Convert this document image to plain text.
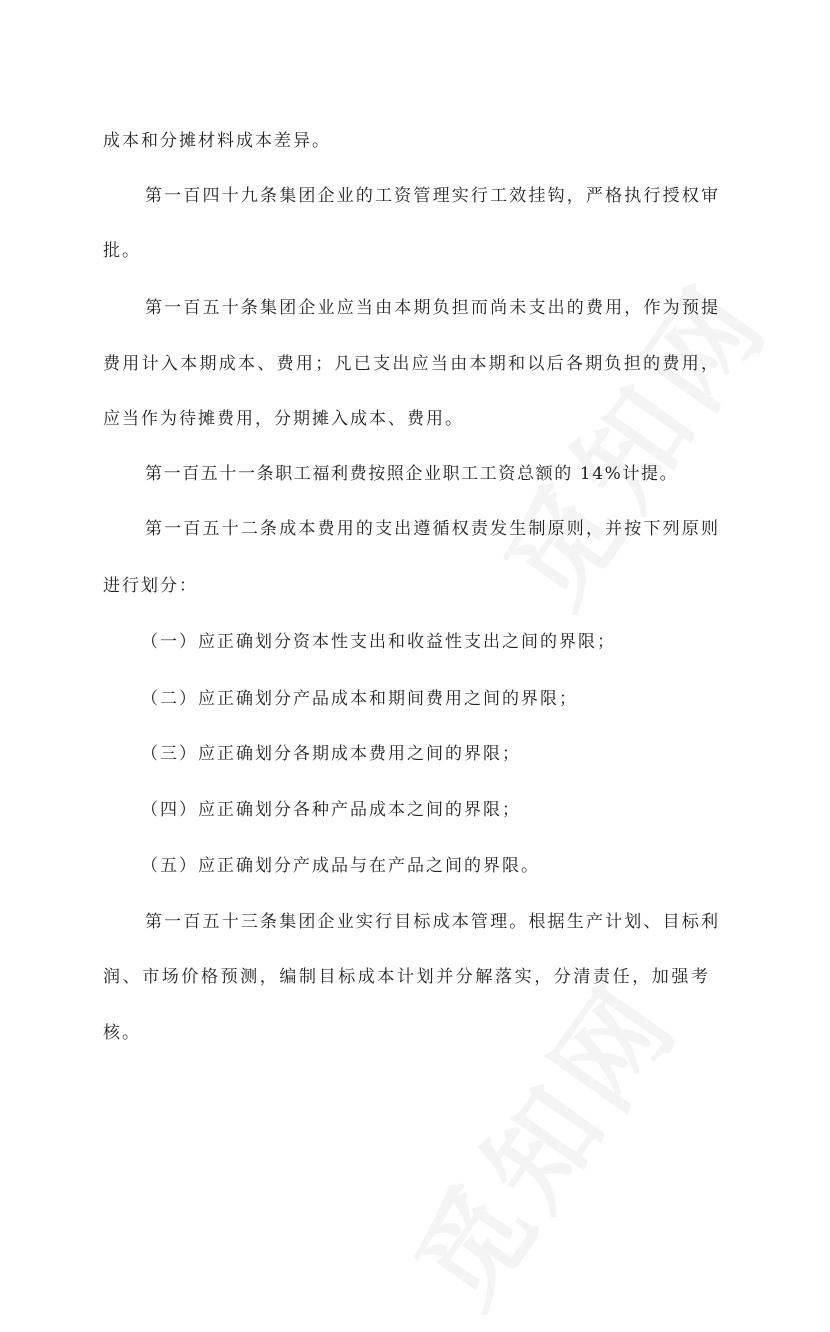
成本和分摊材料成本差异。
第一百四十九条集团企业的工资管理实行工效挂钩，严格执行授权审
批。
第一百五十条集团企业应当由本期负担而尚未支出的费用，作为预提
费用计入本期成本、费用；凡已支出应当由本期和以后各期负担的费用，
应当作为待摊费用，分期摊入成本、费用。
第一百五十一条职工福利费按照企业职工工资总额的 14%计提。
第一百五十二条成本费用的支出遵循权责发生制原则，并按下列原则
进行划分：
（一）应正确划分资本性支出和收益性支出之间的界限；
（二）应正确划分产品成本和期间费用之间的界限；
（三）应正确划分各期成本费用之间的界限；
（四）应正确划分各种产品成本之间的界限；
（五）应正确划分产成品与在产品之间的界限。
第一百五十三条集团企业实行目标成本管理。根据生产计划、目标利
润、市场价格预测，编制目标成本计划并分解落实，分清责任，加强考
核。
